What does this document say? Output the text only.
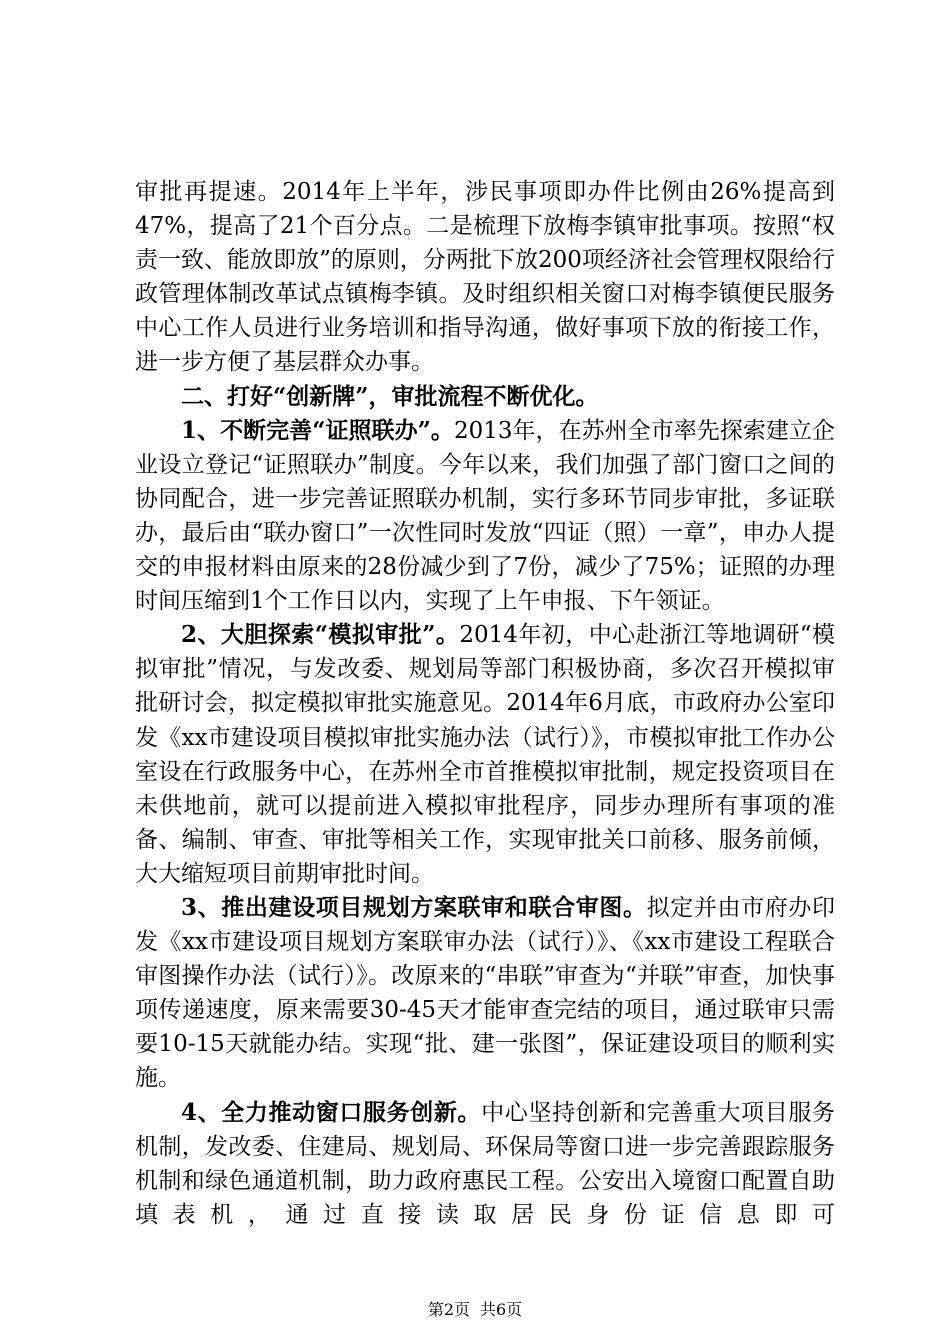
审批再提速。2014年上半年，涉民事项即办件比例由26%提高到47%，提高了21个百分点。二是梳理下放梅李镇审批事项。按照“权责一致、能放即放”的原则，分两批下放200项经济社会管理权限给行政管理体制改革试点镇梅李镇。及时组织相关窗口对梅李镇便民服务中心工作人员进行业务培训和指导沟通，做好事项下放的衔接工作，进一步方便了基层群众办事。

二、打好“创新牌”，审批流程不断优化。

1、不断完善“证照联办”。2013年，在苏州全市率先探索建立企业设立登记“证照联办”制度。今年以来，我们加强了部门窗口之间的协同配合，进一步完善证照联办机制，实行多环节同步审批，多证联办，最后由“联办窗口”一次性同时发放“四证（照）一章”，申办人提交的申报材料由原来的28份减少到了7份，减少了75%；证照的办理时间压缩到1个工作日以内，实现了上午申报、下午领证。

2、大胆探索“模拟审批”。2014年初，中心赴浙江等地调研“模拟审批”情况，与发改委、规划局等部门积极协商，多次召开模拟审批研讨会，拟定模拟审批实施意见。2014年6月底，市政府办公室印发《xx市建设项目模拟审批实施办法（试行）》，市模拟审批工作办公室设在行政服务中心，在苏州全市首推模拟审批制，规定投资项目在未供地前，就可以提前进入模拟审批程序，同步办理所有事项的准备、编制、审查、审批等相关工作，实现审批关口前移、服务前倾，大大缩短项目前期审批时间。

3、推出建设项目规划方案联审和联合审图。拟定并由市府办印发《xx市建设项目规划方案联审办法（试行）》、《xx市建设工程联合审图操作办法（试行）》。改原来的“串联”审查为“并联”审查，加快事项传递速度，原来需要30-45天才能审查完结的项目，通过联审只需要10-15天就能办结。实现“批、建一张图”，保证建设项目的顺利实施。

4、全力推动窗口服务创新。中心坚持创新和完善重大项目服务机制，发改委、住建局、规划局、环保局等窗口进一步完善跟踪服务机制和绿色通道机制，助力政府惠民工程。公安出入境窗口配置自助填表机，通过直接读取居民身份证信息即可

第2页 共6页
